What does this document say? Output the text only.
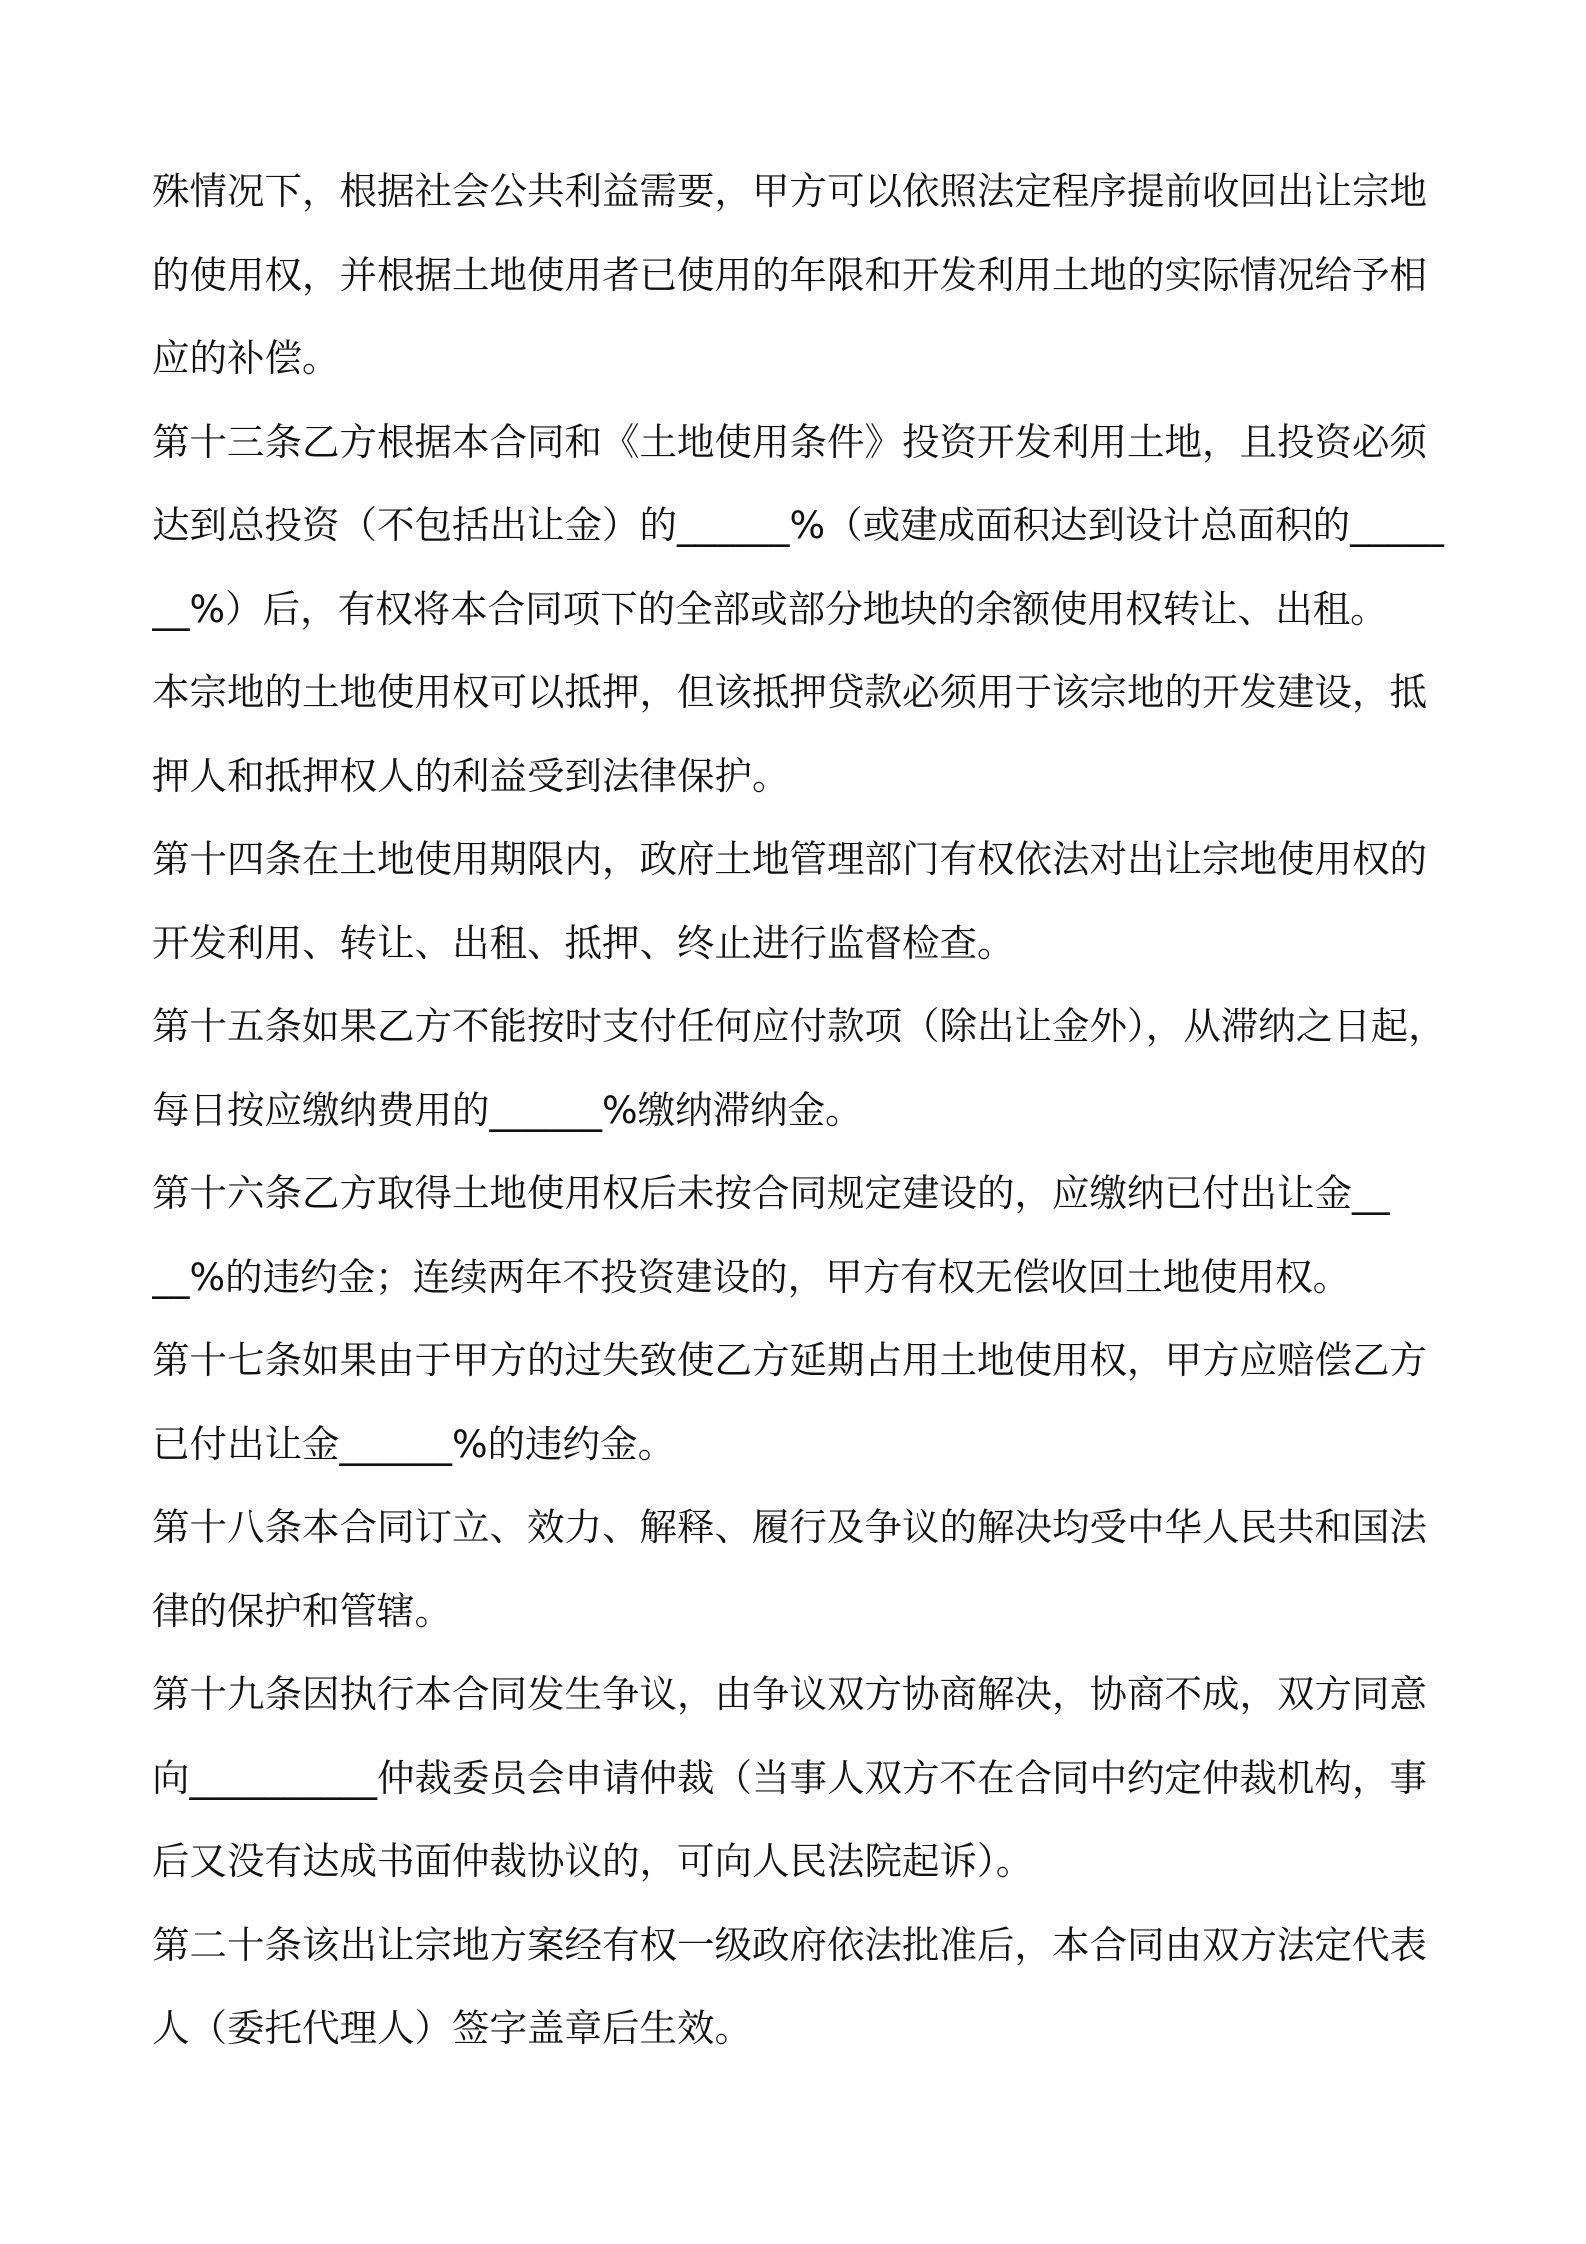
殊情况下，根据社会公共利益需要，甲方可以依照法定程序提前收回出让宗地
的使用权，并根据土地使用者已使用的年限和开发利用土地的实际情况给予相
应的补偿。
第十三条乙方根据本合同和《土地使用条件》投资开发利用土地，且投资必须
达到总投资（不包括出让金）的______%（或建成面积达到设计总面积的_____
__%）后，有权将本合同项下的全部或部分地块的余额使用权转让、出租。
本宗地的土地使用权可以抵押，但该抵押贷款必须用于该宗地的开发建设，抵
押人和抵押权人的利益受到法律保护。
第十四条在土地使用期限内，政府土地管理部门有权依法对出让宗地使用权的
开发利用、转让、出租、抵押、终止进行监督检查。
第十五条如果乙方不能按时支付任何应付款项（除出让金外），从滞纳之日起，
每日按应缴纳费用的______%缴纳滞纳金。
第十六条乙方取得土地使用权后未按合同规定建设的，应缴纳已付出让金__
__%的违约金；连续两年不投资建设的，甲方有权无偿收回土地使用权。
第十七条如果由于甲方的过失致使乙方延期占用土地使用权，甲方应赔偿乙方
已付出让金______%的违约金。
第十八条本合同订立、效力、解释、履行及争议的解决均受中华人民共和国法
律的保护和管辖。
第十九条因执行本合同发生争议，由争议双方协商解决，协商不成，双方同意
向__________仲裁委员会申请仲裁（当事人双方不在合同中约定仲裁机构，事
后又没有达成书面仲裁协议的，可向人民法院起诉）。
第二十条该出让宗地方案经有权一级政府依法批准后，本合同由双方法定代表
人（委托代理人）签字盖章后生效。
